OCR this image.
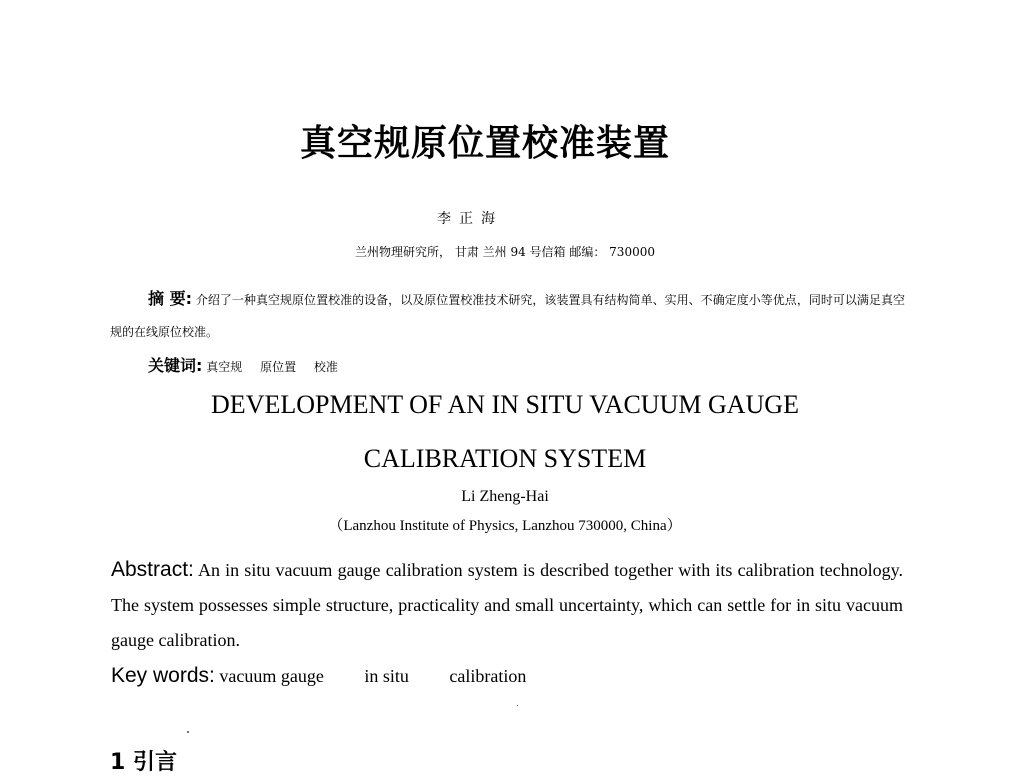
真空规原位置校准装置
李正海
兰州物理研究所， 甘肃 兰州 94 号信箱 邮编： 730000
摘 要: 介绍了一种真空规原位置校准的设备，以及原位置校准技术研究，该装置具有结构简单、实用、不确定度小等优点，同时可以满足真空规的在线原位校准。
关键词: 真空规 原位置 校准
DEVELOPMENT OF AN IN SITU VACUUM GAUGE
CALIBRATION SYSTEM
Li Zheng-Hai
（Lanzhou Institute of Physics, Lanzhou 730000, China）
Abstract: An in situ vacuum gauge calibration system is described together with its calibration technology. The system possesses simple structure, practicality and small uncertainty, which can settle for in situ vacuum gauge calibration.
Key words: vacuum gauge in situ calibration
1 引言
